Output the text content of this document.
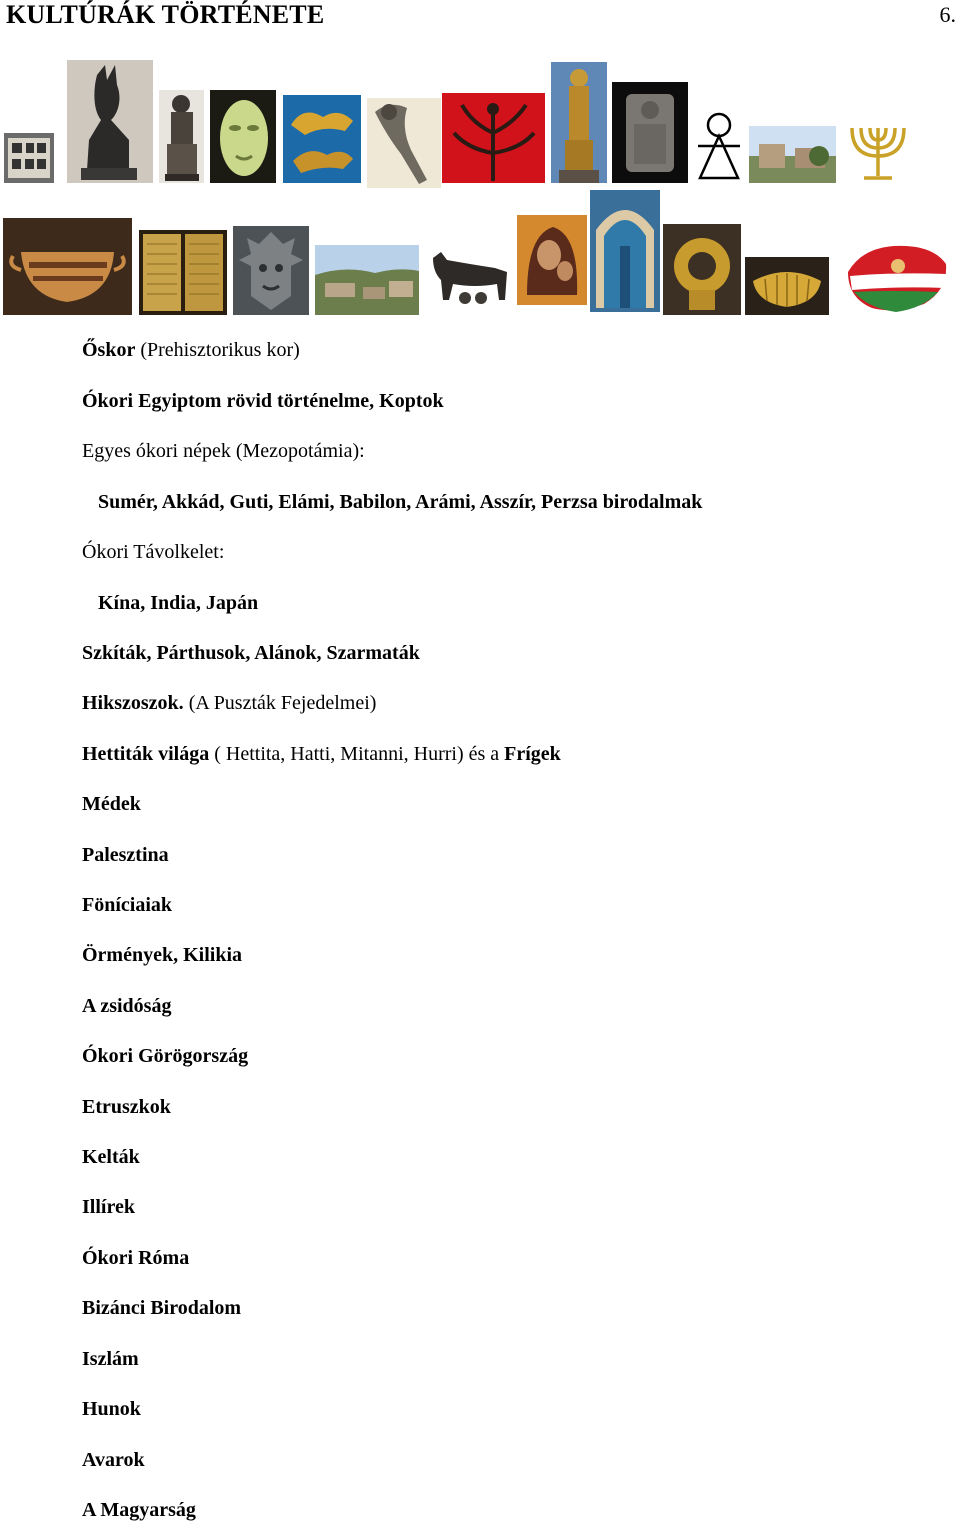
KULTÚRÁK TÖRTÉNETE	6.
Őskor (Prehisztorikus kor)
Ókori Egyiptom rövid történelme, Koptok
Egyes ókori népek (Mezopotámia):
Sumér, Akkád, Guti, Elámi, Babilon, Arámi, Asszír, Perzsa birodalmak
Ókori Távolkelet:
Kína, India, Japán
Szkíták, Párthusok, Alánok, Szarmaták
Hikszoszok. (A Puszták Fejedelmei)
Hettiták világa ( Hettita, Hatti, Mitanni, Hurri) és a Frígek
Médek
Palesztina
Föníciaiak
Örmények, Kilikia
A zsidóság
Ókori Görögország
Etruszkok
Kelták
Illírek
Ókori Róma
Bizánci Birodalom
Iszlám
Hunok
Avarok
A Magyarság
